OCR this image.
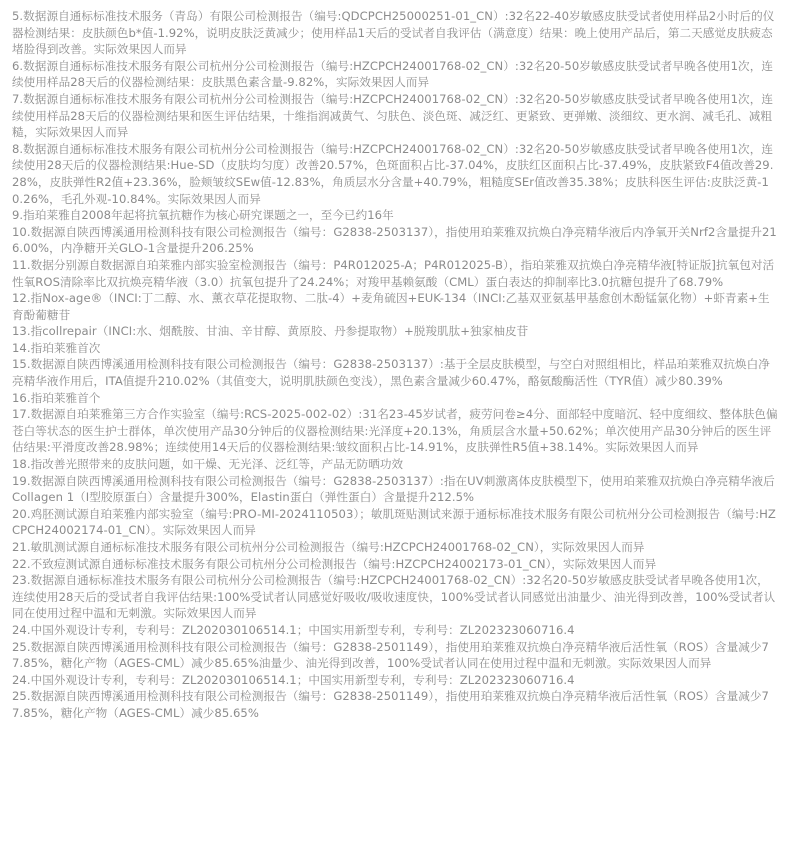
5.数据源自通标标准技术服务（青岛）有限公司检测报告（编号:QDCPCH25000251-01_CN）:32名22-40岁敏感皮肤受试者使用样品2小时后的仪器检测结果：皮肤颜色b*值-1.92%，说明皮肤泛黄减少；使用样品1天后的受试者自我评估（满意度）结果：晚上使用产品后，第二天感觉皮肤疲态堵脸得到改善。实际效果因人而异

6.数据源自通标标准技术服务有限公司杭州分公司检测报告（编号:HZCPCH24001768-02_CN）:32名20-50岁敏感皮肤受试者早晚各使用1次，连续使用样品28天后的仪器检测结果：皮肤黑色素含量-9.82%，实际效果因人而异

7.数据源自通标标准技术服务有限公司杭州分公司检测报告（编号:HZCPCH24001768-02_CN）:32名20-50岁敏感皮肤受试者早晚各使用1次，连续使用样品28天后的仪器检测结果和医生评估结果，十维指润减黄气、匀肤色、淡色斑、减泛红、更紧致、更弹嫩、淡细纹、更水润、减毛孔、减粗糙，实际效果因人而异

8.数据源自通标标准技术服务有限公司杭州分公司检测报告（编号:HZCPCH24001768-02_CN）:32名20-50岁敏感皮肤受试者早晚各使用1次，连续使用28天后的仪器检测结果:Hue-SD（皮肤均匀度）改善20.57%，色斑面积占比-37.04%，皮肤红区面积占比-37.49%，皮肤紧致F4值改善29.28%，皮肤弹性R2值+23.36%，脸颊皱纹SEw值-12.83%，角质层水分含量+40.79%，粗糙度SEr值改善35.38%；皮肤科医生评估:皮肤泛黄-10.26%，毛孔外观-10.84%。实际效果因人而异

9.指珀莱雅自2008年起将抗氧抗糖作为核心研究课题之一，至今已约16年

10.数据源自陕西博溪通用检测科技有限公司检测报告（编号：G2838-2503137），指使用珀莱雅双抗焕白净亮精华液后内净氧开关Nrf2含量提升216.00%，内净糖开关GLO-1含量提升206.25%

11.数据分别源自数据源自珀莱雅内部实验室检测报告（编号：P4R012025-A；P4R012025-B），指珀莱雅双抗焕白净亮精华液[特证版]抗氧包对活性氧ROS清除率比双抗焕亮精华液（3.0）抗氧包提升了24.24%；对羧甲基赖氨酸（CML）蛋白表达的抑制率比3.0抗糖包提升了68.79%

12.指Nox-age®（INCI:丁二醇、水、薰衣草花提取物、二肽-4）+麦角硫因+EUK-134（INCI:乙基双亚氨基甲基愈创木酚锰氯化物）+虾青素+生育酚葡糖苷

13.指collrepair（INCI:水、烟酰胺、甘油、辛甘醇、黄原胶、丹参提取物）+脱羧肌肽+独家柚皮苷

14.指珀莱雅首次

15.数据源自陕西博溪通用检测科技有限公司检测报告（编号：G2838-2503137）:基于全层皮肤模型，与空白对照组相比，样品珀莱雅双抗焕白净亮精华液作用后，ITA值提升210.02%（其值变大，说明肌肤颜色变浅），黑色素含量减少60.47%，酪氨酸酶活性（TYR值）减少80.39%

16.指珀莱雅首个

17.数据源自珀莱雅第三方合作实验室（编号:RCS-2025-002-02）:31名23-45岁试者，疲劳问卷≥4分、面部轻中度暗沉、轻中度细纹、整体肤色偏苍白等状态的医生护士群体，单次使用产品30分钟后的仪器检测结果:光泽度+20.13%，角质层含水量+50.62%；单次使用产品30分钟后的医生评估结果:平滑度改善28.98%；连续使用14天后的仪器检测结果:皱纹面积占比-14.91%，皮肤弹性R5值+38.14%。实际效果因人而异

18.指改善光照带来的皮肤问题，如干燥、无光泽、泛红等，产品无防晒功效

19.数据源自陕西博溪通用检测科技有限公司检测报告（编号：G2838-2503137）:指在UV刺激离体皮肤模型下，使用珀莱雅双抗焕白净亮精华液后Collagen 1（Ⅰ型胶原蛋白）含量提升300%，Elastin蛋白（弹性蛋白）含量提升212.5%

20.鸡胚测试源自珀莱雅内部实验室（编号:PRO-MI-2024110503）；敏肌斑贴测试来源于通标标准技术服务有限公司杭州分公司检测报告（编号:HZCPCH24002174-01_CN）。实际效果因人而异

21.敏肌测试源自通标标准技术服务有限公司杭州分公司检测报告（编号:HZCPCH24001768-02_CN），实际效果因人而异

22.不致痘测试源自通标标准技术服务有限公司杭州分公司检测报告（编号:HZCPCH24002173-01_CN），实际效果因人而异

23.数据源自通标标准技术服务有限公司杭州分公司检测报告（编号:HZCPCH24001768-02_CN）:32名20-50岁敏感皮肤受试者早晚各使用1次，连续使用28天后的受试者自我评估结果:100%受试者认同感觉好吸收/吸收速度快，100%受试者认同感觉出油量少、油光得到改善，100%受试者认同在使用过程中温和无刺激。实际效果因人而异

24.中国外观设计专利，专利号：ZL202030106514.1；中国实用新型专利，专利号：ZL202323060716.4

25.数据源自陕西博溪通用检测科技有限公司检测报告（编号：G2838-2501149），指使用珀莱雅双抗焕白净亮精华液后活性氧（ROS）含量减少77.85%，糖化产物（AGES-CML）减少85.65%油量少、油光得到改善，100%受试者认同在使用过程中温和无刺激。实际效果因人而异

24.中国外观设计专利，专利号：ZL202030106514.1；中国实用新型专利，专利号：ZL202323060716.4

25.数据源自陕西博溪通用检测科技有限公司检测报告（编号：G2838-2501149），指使用珀莱雅双抗焕白净亮精华液后活性氧（ROS）含量减少77.85%，糖化产物（AGES-CML）减少85.65%
